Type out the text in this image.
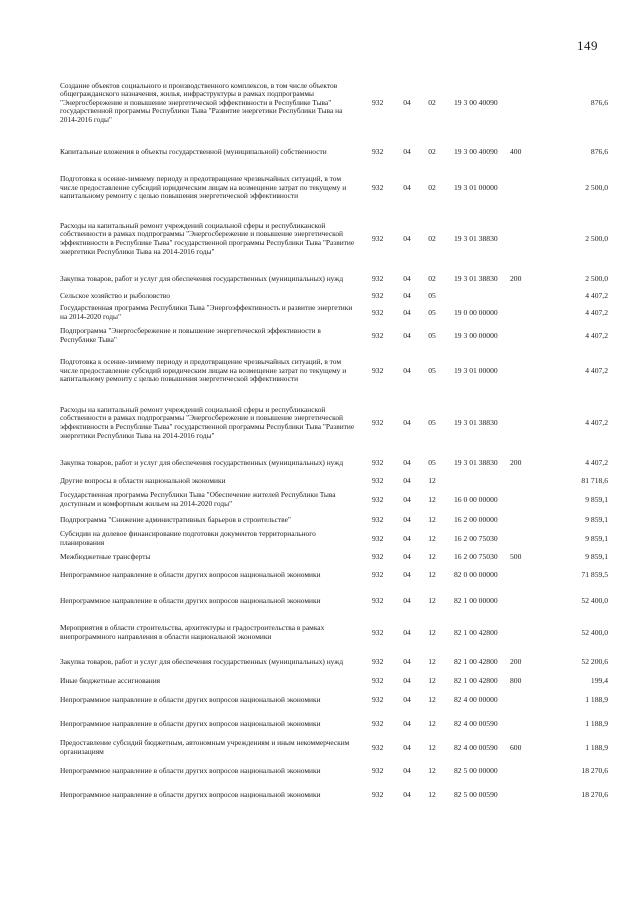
149
Создание объектов социального и производственного комплексов, в том числе объектов общегражданского назначения, жилья, инфраструктуры в рамках подпрограммы "Энергосбережение и повышение энергетической эффективности в Республике Тыва" государственной программы Республики Тыва "Развитие энергетики Республики Тыва на 2014-2016 годы"
932	04	02	19 3 00 40090	876,6
Капитальные вложения в объекты государственной (муниципальной) собственности	932	04	02	19 3 00 40090	400	876,6
Подготовка к осенне-зимнему периоду и предотвращение чрезвычайных ситуаций, в том числе предоставление субсидий юридическим лицам на возмещение затрат по текущему и капитальному ремонту с целью повышения энергетической эффективности
932	04	02	19 3 01 00000	2 500,0
Расходы на капитальный ремонт учреждений социальной сферы и республиканской собственности в рамках подпрограммы "Энергосбережение и повышение энергетической эффективности в Республике Тыва" государственной программы Республики Тыва "Развитие энергетики Республики Тыва на 2014-2016 годы"
932	04	02	19 3 01 38830	2 500,0
Закупка товаров, работ и услуг для обеспечения государственных (муниципальных) нужд	932	04	02	19 3 01 38830	200	2 500,0
Сельское хозяйство и рыболовство	932	04	05	4 407,2
Государственная программа Республики Тыва "Энергоэффективность и развитие энергетики на 2014-2020 годы"	932	04	05	19 0 00 00000	4 407,2
Подпрограмма "Энергосбережение и повышение энергетической эффективности в Республике Тыва"	932	04	05	19 3 00 00000	4 407,2
Подготовка к осенне-зимнему периоду и предотвращение чрезвычайных ситуаций, в том числе предоставление субсидий юридическим лицам на возмещение затрат по текущему и капитальному ремонту с целью повышения энергетической эффективности
932	04	05	19 3 01 00000	4 407,2
Расходы на капитальный ремонт учреждений социальной сферы и республиканской собственности в рамках подпрограммы "Энергосбережение и повышение энергетической эффективности в Республике Тыва" государственной программы Республики Тыва "Развитие энергетики Республики Тыва на 2014-2016 годы"
932	04	05	19 3 01 38830	4 407,2
Закупка товаров, работ и услуг для обеспечения государственных (муниципальных) нужд	932	04	05	19 3 01 38830	200	4 407,2
Другие вопросы в области национальной экономики	932	04	12	81 718,6
Государственная программа Республики Тыва "Обеспечение жителей Республики Тыва доступным и комфортным жильем на 2014-2020 годы"	932	04	12	16 0 00 00000	9 859,1
Подпрограмма "Снижение административных барьеров в строительстве"	932	04	12	16 2 00 00000	9 859,1
Субсидии на долевое финансирование подготовки документов территориального планирования	932	04	12	16 2 00 75030	9 859,1
Межбюджетные трансферты	932	04	12	16 2 00 75030	500	9 859,1
Непрограммное направление в области других вопросов национальной экономики	932	04	12	82 0 00 00000	71 859,5
Непрограммное направление в области других вопросов национальной экономики	932	04	12	82 1 00 00000	52 400,0
Мероприятия в области строительства, архитектуры и градостроительства в рамках внепрограммного направления в области национальной экономики	932	04	12	82 1 00 42800	52 400,0
Закупка товаров, работ и услуг для обеспечения государственных (муниципальных) нужд	932	04	12	82 1 00 42800	200	52 200,6
Иные бюджетные ассигнования	932	04	12	82 1 00 42800	800	199,4
Непрограммное направление в области других вопросов национальной экономики	932	04	12	82 4 00 00000	1 188,9
Непрограммное направление в области других вопросов национальной экономики	932	04	12	82 4 00 00590	1 188,9
Предоставление субсидий бюджетным, автономным учреждениям и иным некоммерческим организациям	932	04	12	82 4 00 00590	600	1 188,9
Непрограммное направление в области других вопросов национальной экономики	932	04	12	82 5 00 00000	18 270,6
Непрограммное направление в области других вопросов национальной экономики	932	04	12	82 5 00 00590	18 270,6
